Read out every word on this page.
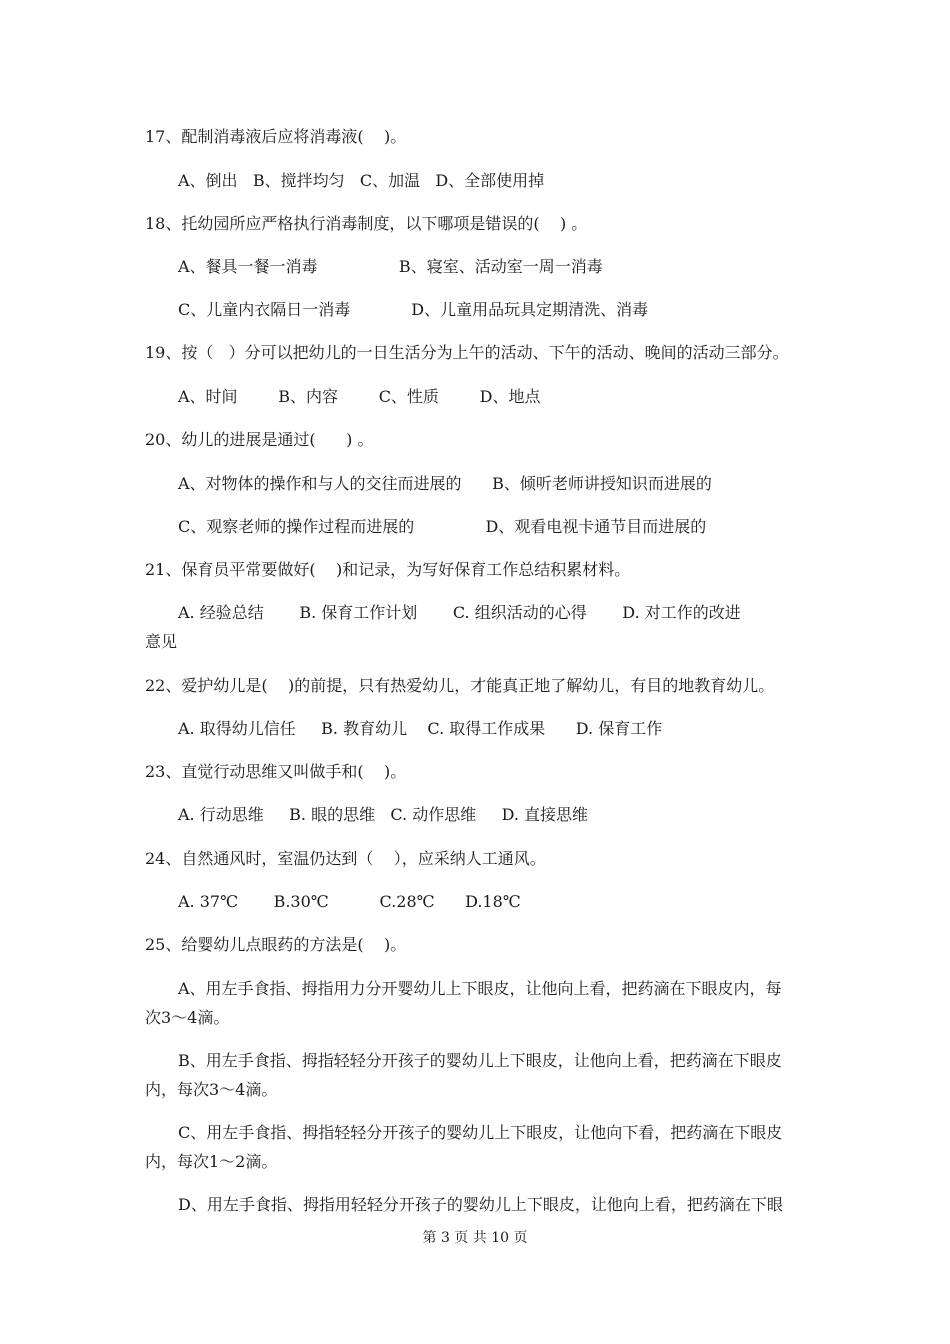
17、配制消毒液后应将消毒液(    )。

A、倒出   B、搅拌均匀   C、加温   D、全部使用掉

18、托幼园所应严格执行消毒制度，以下哪项是错误的(    ) 。

A、餐具一餐一消毒                B、寝室、活动室一周一消毒

C、儿童内衣隔日一消毒            D、儿童用品玩具定期清洗、消毒

19、按（   ）分可以把幼儿的一日生活分为上午的活动、下午的活动、晚间的活动三部分。

A、时间        B、内容        C、性质        D、地点

20、幼儿的进展是通过(      ) 。

A、对物体的操作和与人的交往而进展的      B、倾听老师讲授知识而进展的

C、观察老师的操作过程而进展的              D、观看电视卡通节目而进展的

21、保育员平常要做好(    )和记录，为写好保育工作总结积累材料。

A. 经验总结       B. 保育工作计划       C. 组织活动的心得       D. 对工作的改进

意见

22、爱护幼儿是(    )的前提，只有热爱幼儿，才能真正地了解幼儿，有目的地教育幼儿。

A. 取得幼儿信任     B. 教育幼儿    C. 取得工作成果      D. 保育工作

23、直觉行动思维又叫做手和(    )。

A. 行动思维     B. 眼的思维   C. 动作思维     D. 直接思维

24、自然通风时，室温仍达到（    ），应采纳人工通风。

A. 37℃       B.30℃          C.28℃      D.18℃

25、给婴幼儿点眼药的方法是(    )。

A、用左手食指、拇指用力分开婴幼儿上下眼皮，让他向上看，把药滴在下眼皮内，每

次3～4滴。

B、用左手食指、拇指轻轻分开孩子的婴幼儿上下眼皮，让他向上看，把药滴在下眼皮

内，每次3～4滴。

C、用左手食指、拇指轻轻分开孩子的婴幼儿上下眼皮，让他向下看，把药滴在下眼皮

内，每次1～2滴。

D、用左手食指、拇指用轻轻分开孩子的婴幼儿上下眼皮，让他向上看，把药滴在下眼

第 3 页 共 10 页
